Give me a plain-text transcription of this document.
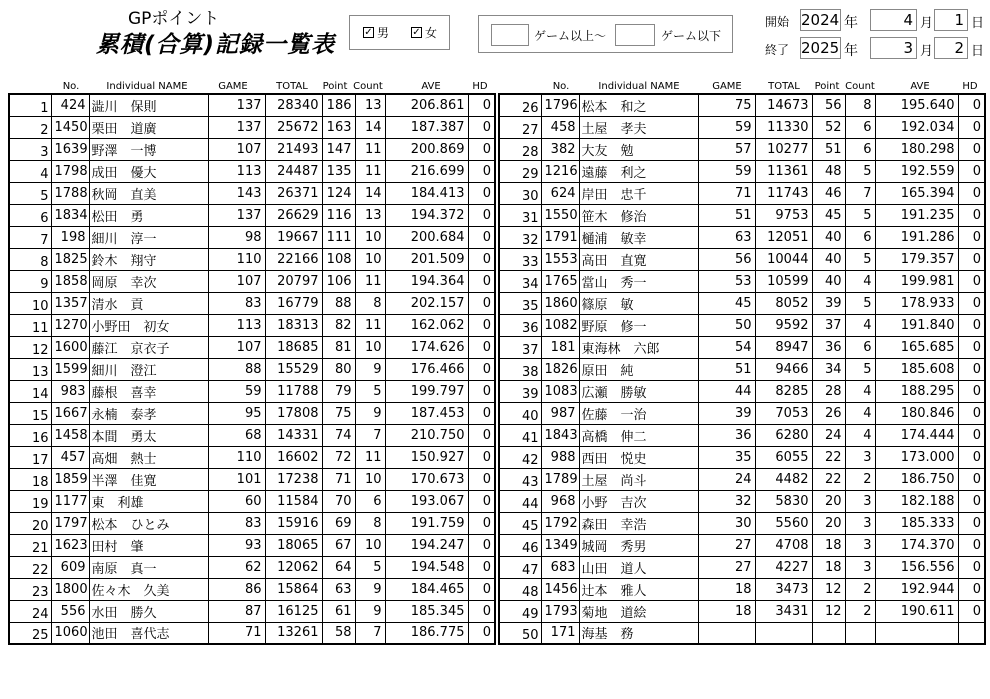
GPポイント
累積(合算)記録一覧表	✓ 男 ✓ 女	ゲーム以上～	ゲーム以下
開始 2024 年	4 月	1 日
終了 2025 年	3 月	2 日
No.	Individual NAME	GAME	TOTAL	Point Count	AVE	HD	No.	Individual NAME	GAME	TOTAL	Point Count	AVE	HD
1	424	澁川　保則	137	28340	186	13	206.861	0
2	1450	栗田　道廣	137	25672	163	14	187.387	0
3	1639	野澤　一博	107	21493	147	11	200.869	0
4	1798	成田　優大	113	24487	135	11	216.699	0
5	1788	秋岡　直美	143	26371	124	14	184.413	0
6	1834	松田　勇	137	26629	116	13	194.372	0
7	198	細川　淳一	98	19667	111	10	200.684	0
8	1825	鈴木　翔守	110	22166	108	10	201.509	0
9	1858	岡原　幸次	107	20797	106	11	194.364	0
10	1357	清水　貢	83	16779	88	8	202.157	0
11	1270	小野田　初女	113	18313	82	11	162.062	0
12	1600	藤江　京衣子	107	18685	81	10	174.626	0
13	1599	細川　澄江	88	15529	80	9	176.466	0
14	983	藤根　喜幸	59	11788	79	5	199.797	0
15	1667	永楠　泰孝	95	17808	75	9	187.453	0
16	1458	本間　勇太	68	14331	74	7	210.750	0
17	457	高畑　熱士	110	16602	72	11	150.927	0
18	1859	半澤　佳寛	101	17238	71	10	170.673	0
19	1177	東　利雄	60	11584	70	6	193.067	0
20	1797	松本　ひとみ	83	15916	69	8	191.759	0
21	1623	田村　肇	93	18065	67	10	194.247	0
22	609	南原　真一	62	12062	64	5	194.548	0
23	1800	佐々木　久美	86	15864	63	9	184.465	0
24	556	水田　勝久	87	16125	61	9	185.345	0
25	1060	池田　喜代志	71	13261	58	7	186.775	0
26	1796	松本　和之	75	14673	56	8	195.640	0
27	458	土屋　孝夫	59	11330	52	6	192.034	0
28	382	大友　勉	57	10277	51	6	180.298	0
29	1216	遠藤　利之	59	11361	48	5	192.559	0
30	624	岸田　忠千	71	11743	46	7	165.394	0
31	1550	笹木　修治	51	9753	45	5	191.235	0
32	1791	樋浦　敏幸	63	12051	40	6	191.286	0
33	1553	高田　直寛	56	10044	40	5	179.357	0
34	1765	當山　秀一	53	10599	40	4	199.981	0
35	1860	篠原　敏	45	8052	39	5	178.933	0
36	1082	野原　修一	50	9592	37	4	191.840	0
37	181	東海林　六郎	54	8947	36	6	165.685	0
38	1826	原田　純	51	9466	34	5	185.608	0
39	1083	広瀬　勝敏	44	8285	28	4	188.295	0
40	987	佐藤　一治	39	7053	26	4	180.846	0
41	1843	高橋　伸二	36	6280	24	4	174.444	0
42	988	西田　悦史	35	6055	22	3	173.000	0
43	1789	土屋　尚斗	24	4482	22	2	186.750	0
44	968	小野　吉次	32	5830	20	3	182.188	0
45	1792	森田　幸浩	30	5560	20	3	185.333	0
46	1349	城岡　秀男	27	4708	18	3	174.370	0
47	683	山田　道人	27	4227	18	3	156.556	0
48	1456	辻本　雅人	18	3473	12	2	192.944	0
49	1793	菊地　道絵	18	3431	12	2	190.611	0
50	171	海基　務						
